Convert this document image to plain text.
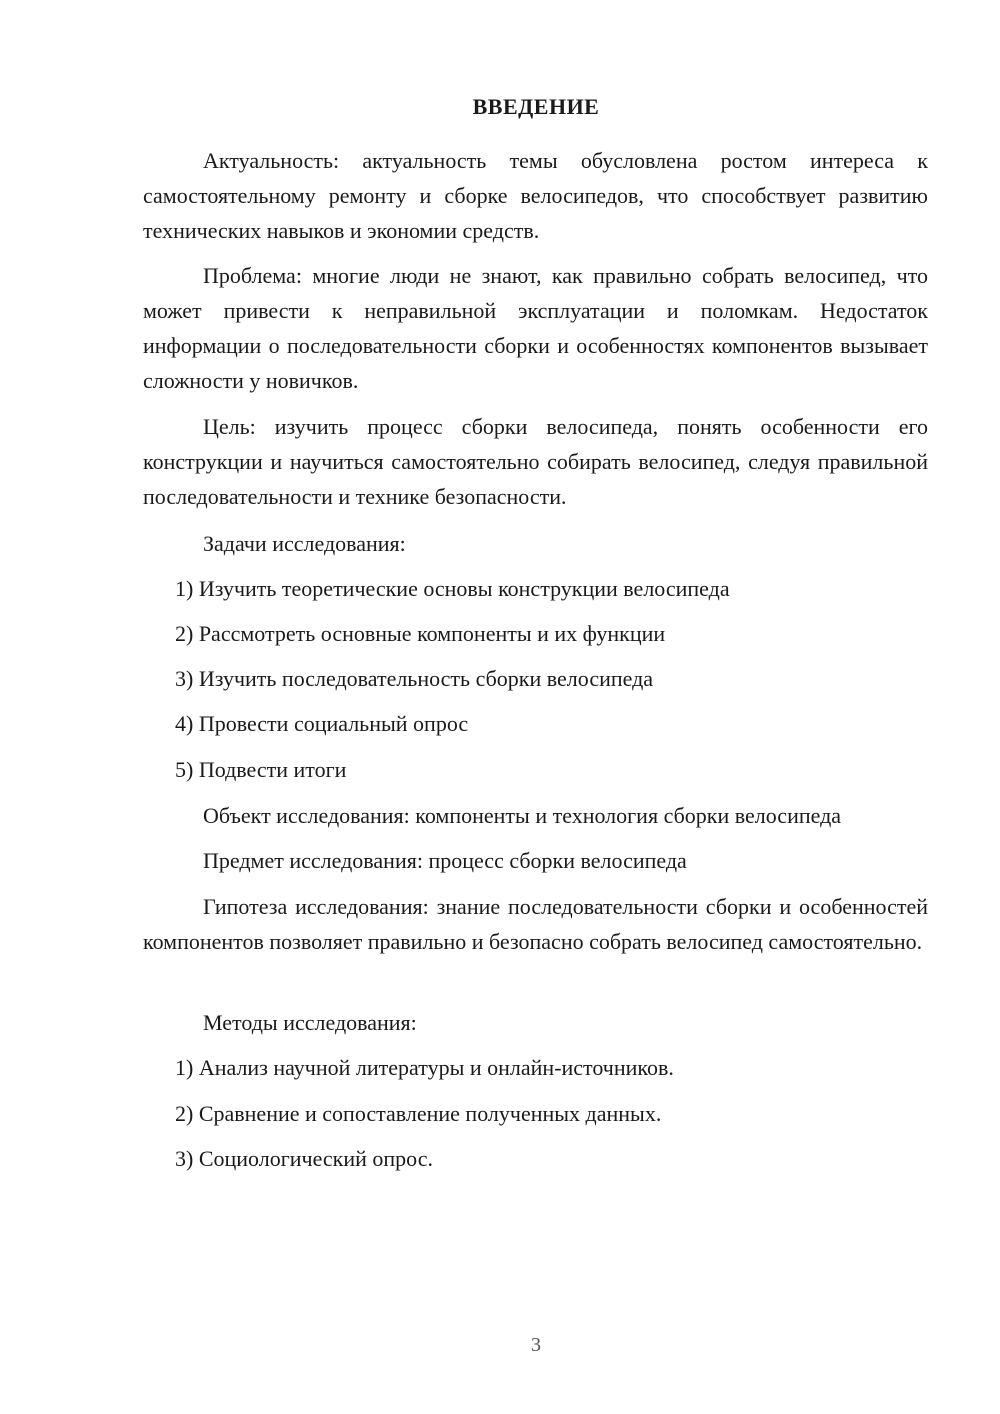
ВВЕДЕНИЕ

Актуальность: актуальность темы обусловлена ростом интереса к самостоятельному ремонту и сборке велосипедов, что способствует развитию технических навыков и экономии средств.

Проблема: многие люди не знают, как правильно собрать велосипед, что может привести к неправильной эксплуатации и поломкам. Недостаток информации о последовательности сборки и особенностях компонентов вызывает сложности у новичков.

Цель: изучить процесс сборки велосипеда, понять особенности его конструкции и научиться самостоятельно собирать велосипед, следуя правильной последовательности и технике безопасности.

Задачи исследования:
1) Изучить теоретические основы конструкции велосипеда
2) Рассмотреть основные компоненты и их функции
3) Изучить последовательность сборки велосипеда
4) Провести социальный опрос
5) Подвести итоги
Объект исследования: компоненты и технология сборки велосипеда
Предмет исследования: процесс сборки велосипеда

Гипотеза исследования: знание последовательности сборки и особенностей компонентов позволяет правильно и безопасно собрать велосипед самостоятельно.

Методы исследования:
1) Анализ научной литературы и онлайн-источников.
2) Сравнение и сопоставление полученных данных.
3) Социологический опрос.
3
